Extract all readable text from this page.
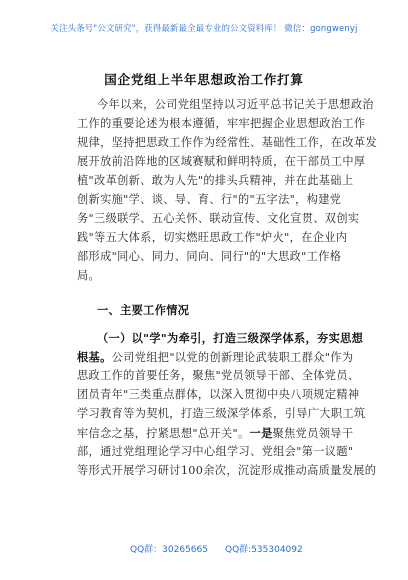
关注头条号"公文研究"，获得最新最全最专业的公文资料库！ 微信：gongwenyj
国企党组上半年思想政治工作打算
今年以来，公司党组坚持以习近平总书记关于思想政治
工作的重要论述为根本遵循，牢牢把握企业思想政治工作
规律，坚持把思政工作作为经常性、基础性工作，在改革发
展开放前沿阵地的区域赛赋和鲜明特质，在干部员工中厚
植"改革创新、敢为人先"的排头兵精神，并在此基础上
创新实施"学、谈、导、育、行"的"五字法"，构建党
务"三级联学、五心关怀、联动宣传、文化宣贯、双创实
践"等五大体系，切实燃旺思政工作"炉火"，在企业内
部形成"同心、同力、同向、同行"的"大思政"工作格
局。
一、主要工作情况
（一）以"学"为牵引，打造三级深学体系，夯实思想
根基。公司党组把"以党的创新理论武装职工群众"作为
思政工作的首要任务，聚焦"党员领导干部、全体党员、
团员青年"三类重点群体，以深入贯彻中央八项规定精神
学习教育等为契机，打造三级深学体系，引导广大职工筑
牢信念之基，拧紧思想"总开关"。一是聚焦党员领导干
部，通过党组理论学习中心组学习、党组会"第一议题"
等形式开展学习研讨100余次，沉淀形成推动高质量发展的
QQ群：30265665 QQ群:535304092
